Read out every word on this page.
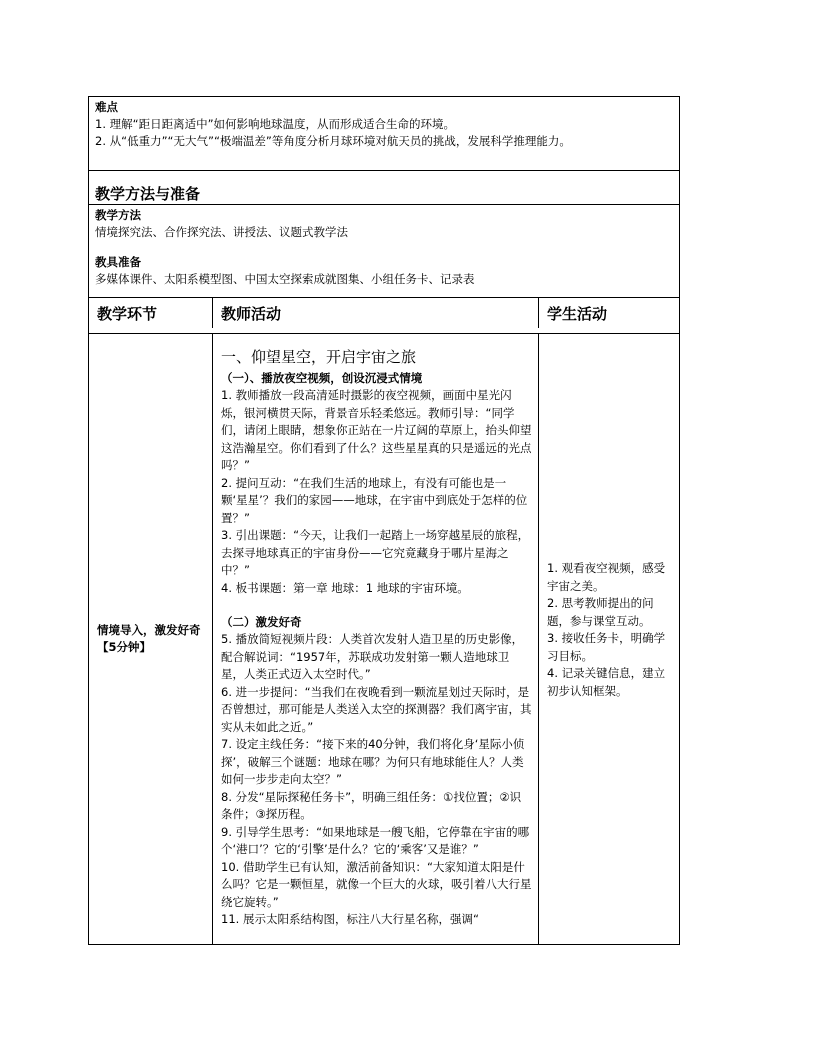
难点
1. 理解“距日距离适中”如何影响地球温度，从而形成适合生命的环境。
2. 从“低重力”“无大气”“极端温差”等角度分析月球环境对航天员的挑战，发展科学推理能力。
教学方法与准备
教学方法
情境探究法、合作探究法、讲授法、议题式教学法
教具准备
多媒体课件、太阳系模型图、中国太空探索成就图集、小组任务卡、记录表
教学环节	教师活动	学生活动
情境导入，激发好奇【5分钟】
一、仰望星空，开启宇宙之旅
（一）、播放夜空视频，创设沉浸式情境

1. 教师播放一段高清延时摄影的夜空视频，画面中星光闪烁，银河横贯天际，背景音乐轻柔悠远。教师引导：“同学们，请闭上眼睛，想象你正站在一片辽阔的草原上，抬头仰望这浩瀚星空。你们看到了什么？这些星星真的只是遥远的光点吗？”

2. 提问互动：“在我们生活的地球上，有没有可能也是一颗‘星星’？我们的家园——地球，在宇宙中到底处于怎样的位置？”

3. 引出课题：“今天，让我们一起踏上一场穿越星辰的旅程，去探寻地球真正的宇宙身份——它究竟藏身于哪片星海之中？”

4. 板书课题：第一章 地球：1 地球的宇宙环境。

（二）激发好奇

5. 播放简短视频片段：人类首次发射人造卫星的历史影像，配合解说词：“1957年，苏联成功发射第一颗人造地球卫星，人类正式迈入太空时代。”

6. 进一步提问：“当我们在夜晚看到一颗流星划过天际时，是否曾想过，那可能是人类送入太空的探测器？我们离宇宙，其实从未如此之近。”

7. 设定主线任务：“接下来的40分钟，我们将化身‘星际小侦探’，破解三个谜题：地球在哪？为何只有地球能住人？人类如何一步步走向太空？”

8. 分发“星际探秘任务卡”，明确三组任务：①找位置；②识条件；③探历程。

9. 引导学生思考：“如果地球是一艘飞船，它停靠在宇宙的哪个‘港口’？它的‘引擎’是什么？它的‘乘客’又是谁？”

10. 借助学生已有认知，激活前备知识：“大家知道太阳是什么吗？它是一颗恒星，就像一个巨大的火球，吸引着八大行星绕它旋转。”

11. 展示太阳系结构图，标注八大行星名称，强调“

1. 观看夜空视频，感受宇宙之美。

2. 思考教师提出的问题，参与课堂互动。

3. 接收任务卡，明确学习目标。

4. 记录关键信息，建立初步认知框架。
